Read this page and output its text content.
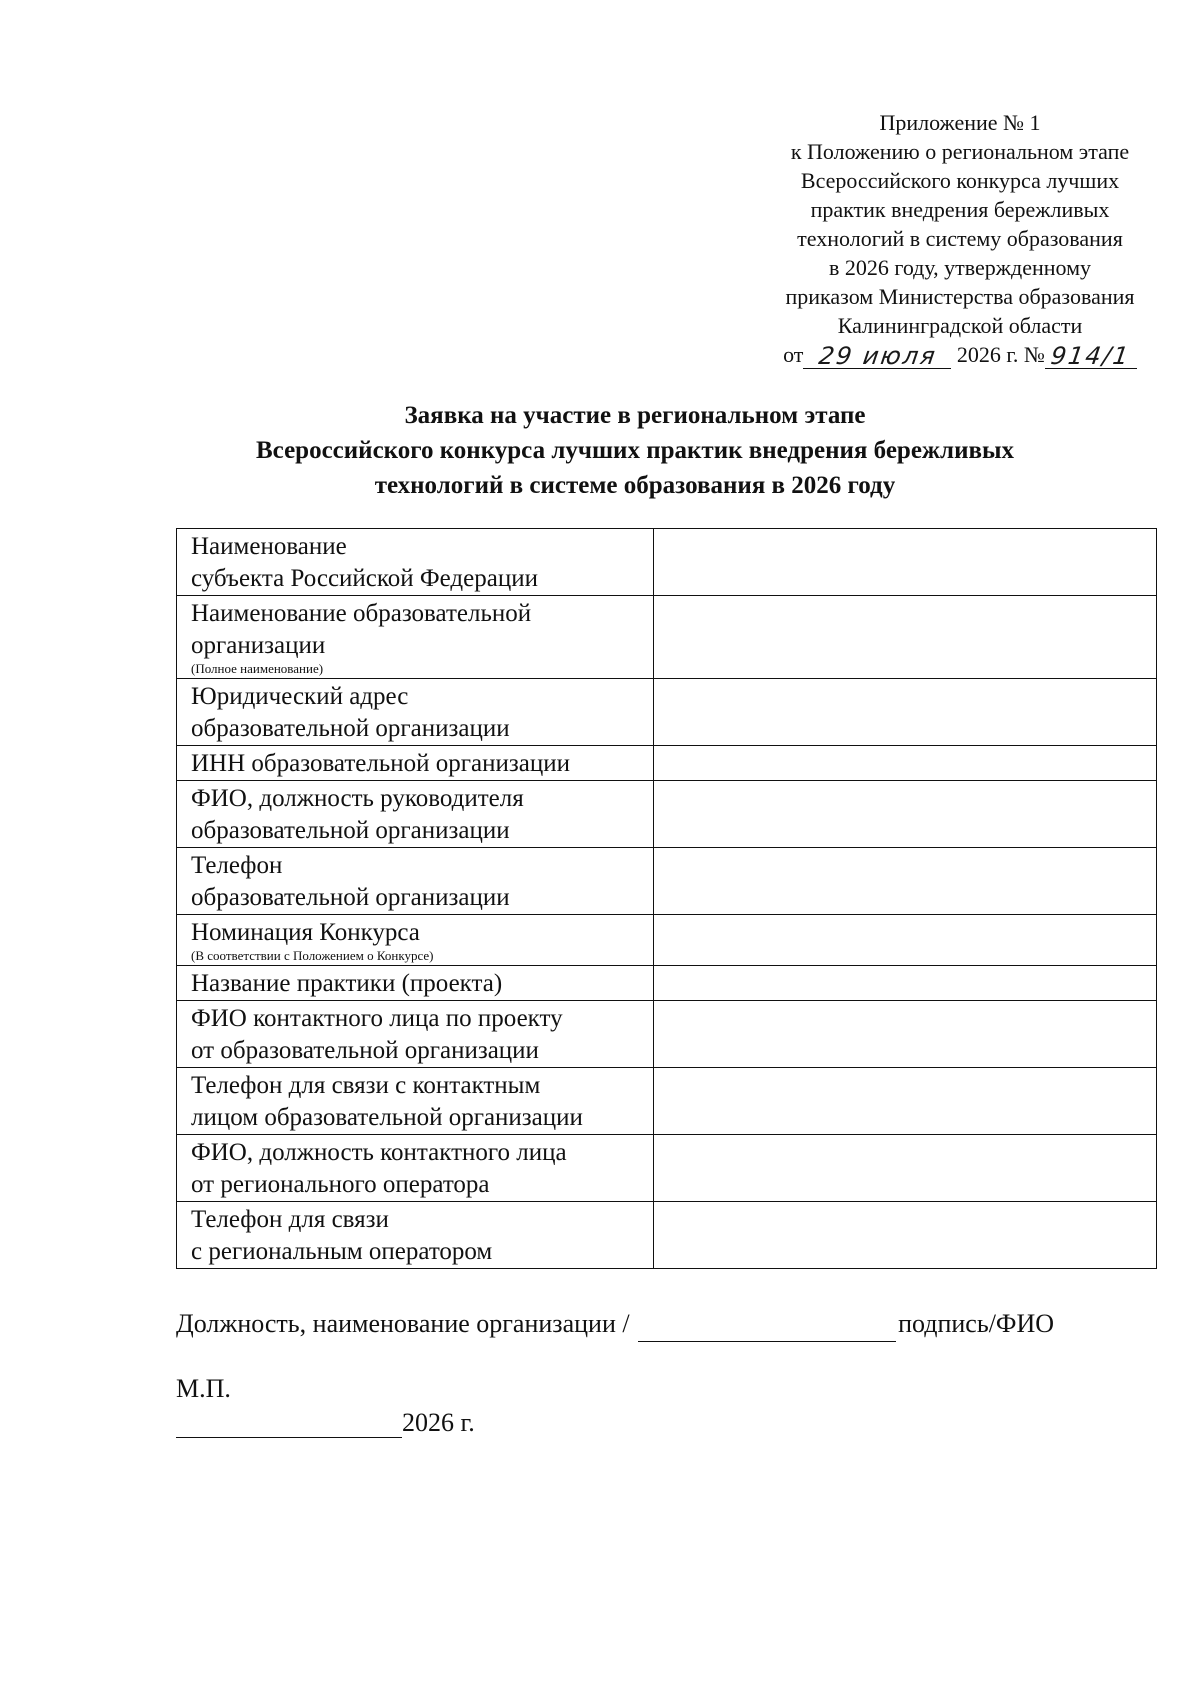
Приложение № 1
к Положению о региональном этапе
Всероссийского конкурса лучших
практик внедрения бережливых
технологий в систему образования
в 2026 году, утвержденному
приказом Министерства образования
Калининградской области
от 29 июля 2026 г. № 914/1
Заявка на участие в региональном этапе
Всероссийского конкурса лучших практик внедрения бережливых
технологий в системе образования в 2026 году
Наименование
субъекта Российской Федерации	

Наименование образовательной
организации
(Полное наименование)	

Юридический адрес
образовательной организации	

ИНН образовательной организации	

ФИО, должность руководителя
образовательной организации	

Телефон
образовательной организации	

Номинация Конкурса
(В соответствии с Положением о Конкурсе)	

Название практики (проекта)	

ФИО контактного лица по проекту
от образовательной организации	

Телефон для связи с контактным
лицом образовательной организации	

ФИО, должность контактного лица
от регионального оператора	

Телефон для связи
с региональным оператором	

Должность, наименование организации /	подпись/ФИО
М.П.
2026 г.
